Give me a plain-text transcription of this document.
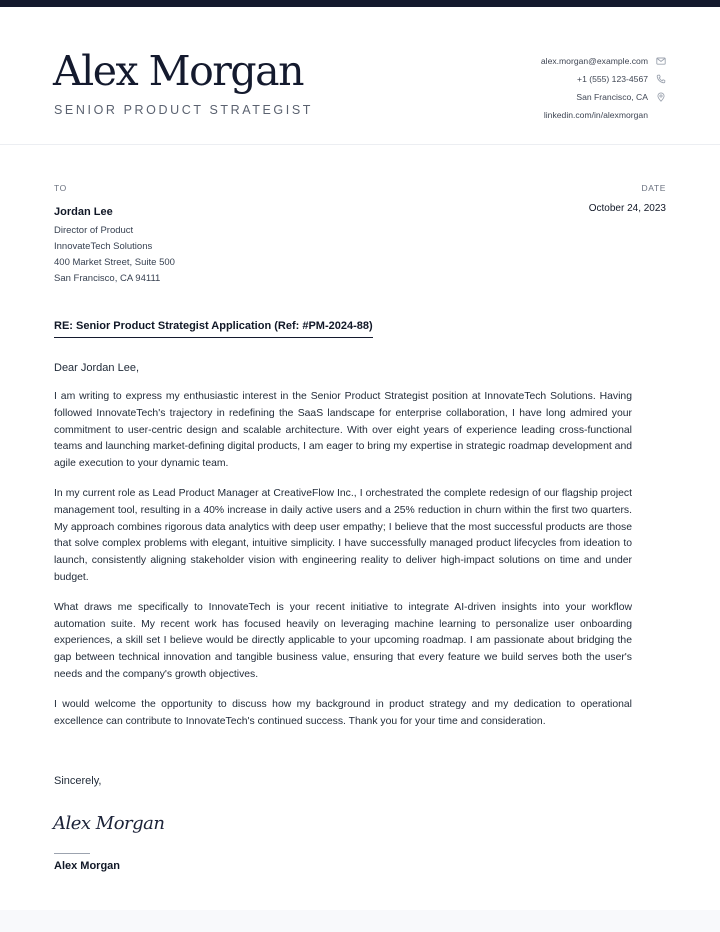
Alex Morgan
SENIOR PRODUCT STRATEGIST
alex.morgan@example.com
+1 (555) 123-4567
San Francisco, CA
linkedin.com/in/alexmorgan
TO	DATE
Jordan Lee
Director of Product
InnovateTech Solutions
400 Market Street, Suite 500
San Francisco, CA 94111
October 24, 2023
RE: Senior Product Strategist Application (Ref: #PM-2024-88)
Dear Jordan Lee,

I am writing to express my enthusiastic interest in the Senior Product Strategist position at InnovateTech Solutions. Having followed InnovateTech's trajectory in redefining the SaaS landscape for enterprise collaboration, I have long admired your commitment to user-centric design and scalable architecture. With over eight years of experience leading cross-functional teams and launching market-defining digital products, I am eager to bring my expertise in strategic roadmap development and agile execution to your dynamic team.

In my current role as Lead Product Manager at CreativeFlow Inc., I orchestrated the complete redesign of our flagship project management tool, resulting in a 40% increase in daily active users and a 25% reduction in churn within the first two quarters. My approach combines rigorous data analytics with deep user empathy; I believe that the most successful products are those that solve complex problems with elegant, intuitive simplicity. I have successfully managed product lifecycles from ideation to launch, consistently aligning stakeholder vision with engineering reality to deliver high-impact solutions on time and under budget.

What draws me specifically to InnovateTech is your recent initiative to integrate AI-driven insights into your workflow automation suite. My recent work has focused heavily on leveraging machine learning to personalize user onboarding experiences, a skill set I believe would be directly applicable to your upcoming roadmap. I am passionate about bridging the gap between technical innovation and tangible business value, ensuring that every feature we build serves both the user's needs and the company's growth objectives.

I would welcome the opportunity to discuss how my background in product strategy and my dedication to operational excellence can contribute to InnovateTech's continued success. Thank you for your time and consideration.

Sincerely,
Alex Morgan
Alex Morgan
